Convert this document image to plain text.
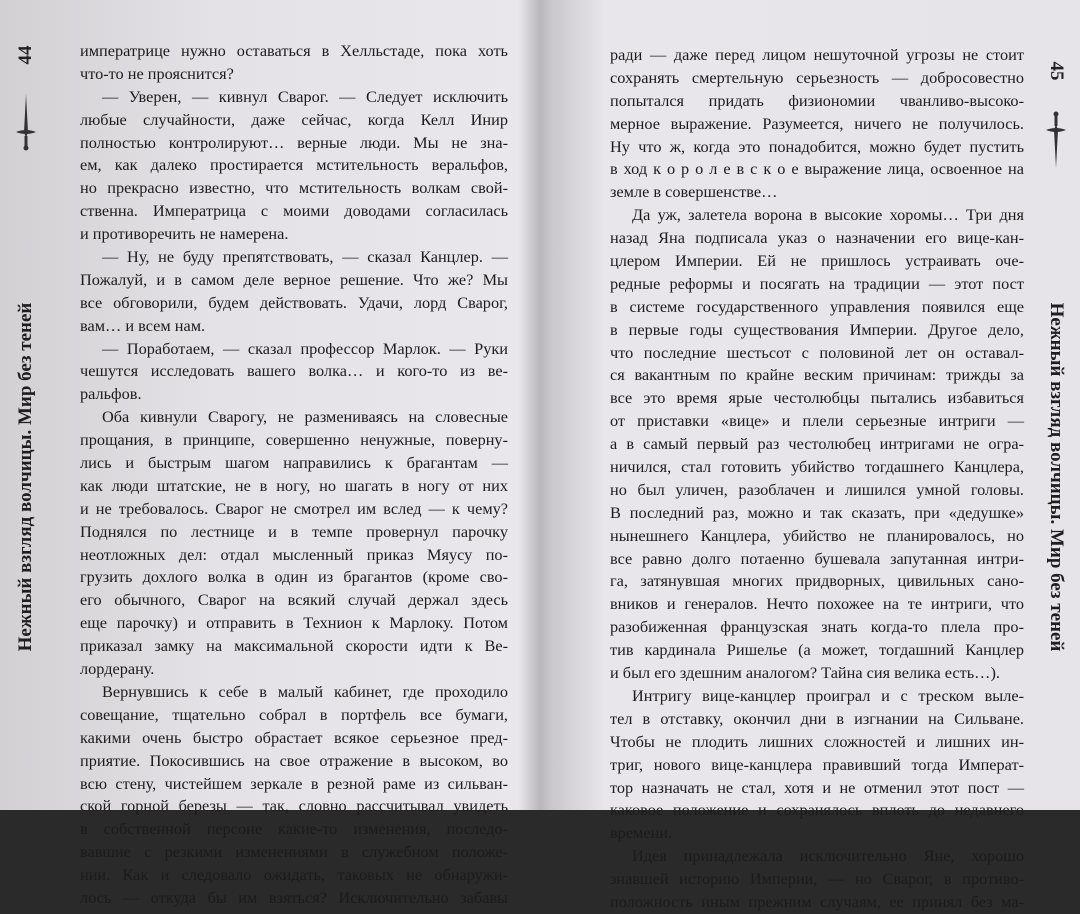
44
Нежный взгляд волчицы. Мир без теней
императрице нужно оставаться в Хелльстаде, пока хоть
что-то не прояснится?
— Уверен, — кивнул Сварог. — Следует исключить
любые случайности, даже сейчас, когда Келл Инир
полностью контролируют… верные люди. Мы не зна-
ем, как далеко простирается мстительность веральфов,
но прекрасно известно, что мстительность волкам свой-
ственна. Императрица с моими доводами согласилась
и противоречить не намерена.
— Ну, не буду препятствовать, — сказал Канцлер. —
Пожалуй, и в самом деле верное решение. Что же? Мы
все обговорили, будем действовать. Удачи, лорд Сварог,
вам… и всем нам.
— Поработаем, — сказал профессор Марлок. — Руки
чешутся исследовать вашего волка… и кого-то из ве-
ральфов.
Оба кивнули Сварогу, не размениваясь на словесные
прощания, в принципе, совершенно ненужные, поверну-
лись и быстрым шагом направились к брагантам —
как люди штатские, не в ногу, но шагать в ногу от них
и не требовалось. Сварог не смотрел им вслед — к чему?
Поднялся по лестнице и в темпе провернул парочку
неотложных дел: отдал мысленный приказ Мяусу по-
грузить дохлого волка в один из брагантов (кроме сво-
его обычного, Сварог на всякий случай держал здесь
еще парочку) и отправить в Технион к Марлоку. Потом
приказал замку на максимальной скорости идти к Ве-
лордерану.
Вернувшись к себе в малый кабинет, где проходило
совещание, тщательно собрал в портфель все бумаги,
какими очень быстро обрастает всякое серьезное пред-
приятие. Покосившись на свое отражение в высоком, во
всю стену, чистейшем зеркале в резной раме из сильван-
ской горной березы — так, словно рассчитывал увидеть
в собственной персоне какие-то изменения, последо-
вавшие с резкими изменениями в служебном положе-
нии. Как и следовало ожидать, таковых не обнаружи-
лось — откуда бы им взяться? Исключительно забавы
45
Нежный взгляд волчицы. Мир без теней
ради — даже перед лицом нешуточной угрозы не стоит
сохранять смертельную серьезность — добросовестно
попытался придать физиономии чванливо-высоко-
мерное выражение. Разумеется, ничего не получилось.
Ну что ж, когда это понадобится, можно будет пустить
в ход к о р о л е в с к о е выражение лица, освоенное на
земле в совершенстве…
Да уж, залетела ворона в высокие хоромы… Три дня
назад Яна подписала указ о назначении его вице-кан-
цлером Империи. Ей не пришлось устраивать оче-
редные реформы и посягать на традиции — этот пост
в системе государственного управления появился еще
в первые годы существования Империи. Другое дело,
что последние шестьсот с половиной лет он оставал-
ся вакантным по крайне веским причинам: трижды за
все это время ярые честолюбцы пытались избавиться
от приставки «вице» и плели серьезные интриги —
а в самый первый раз честолюбец интригами не огра-
ничился, стал готовить убийство тогдашнего Канцлера,
но был уличен, разоблачен и лишился умной головы.
В последний раз, можно и так сказать, при «дедушке»
нынешнего Канцлера, убийство не планировалось, но
все равно долго потаенно бушевала запутанная интри-
га, затянувшая многих придворных, цивильных сано-
вников и генералов. Нечто похожее на те интриги, что
разобиженная французская знать когда-то плела про-
тив кардинала Ришелье (а может, тогдашний Канцлер
и был его здешним аналогом? Тайна сия велика есть…).
Интригу вице-канцлер проиграл и с треском выле-
тел в отставку, окончил дни в изгнании на Сильване.
Чтобы не плодить лишних сложностей и лишних ин-
триг, нового вице-канцлера правивший тогда Императ-
тор назначать не стал, хотя и не отменил этот пост —
каковое положение и сохранялось вплоть до недавнего
времени.
Идея принадлежала исключительно Яне, хорошо
знавшей историю Империи, — но Сварог, в противо-
положность иным прежним случаям, ее принял без ма-
